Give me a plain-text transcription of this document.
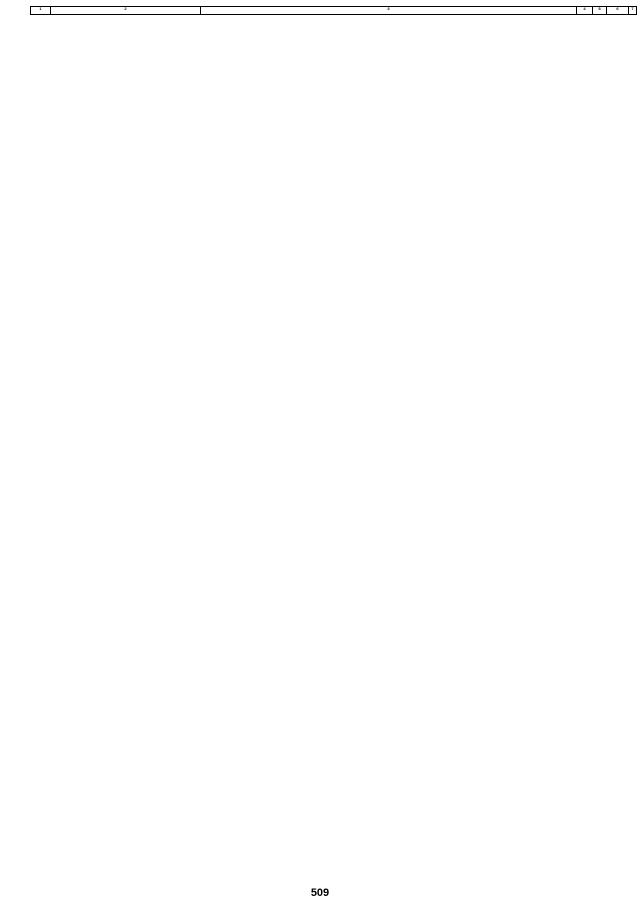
1	2	3	4	5	6	7
509
